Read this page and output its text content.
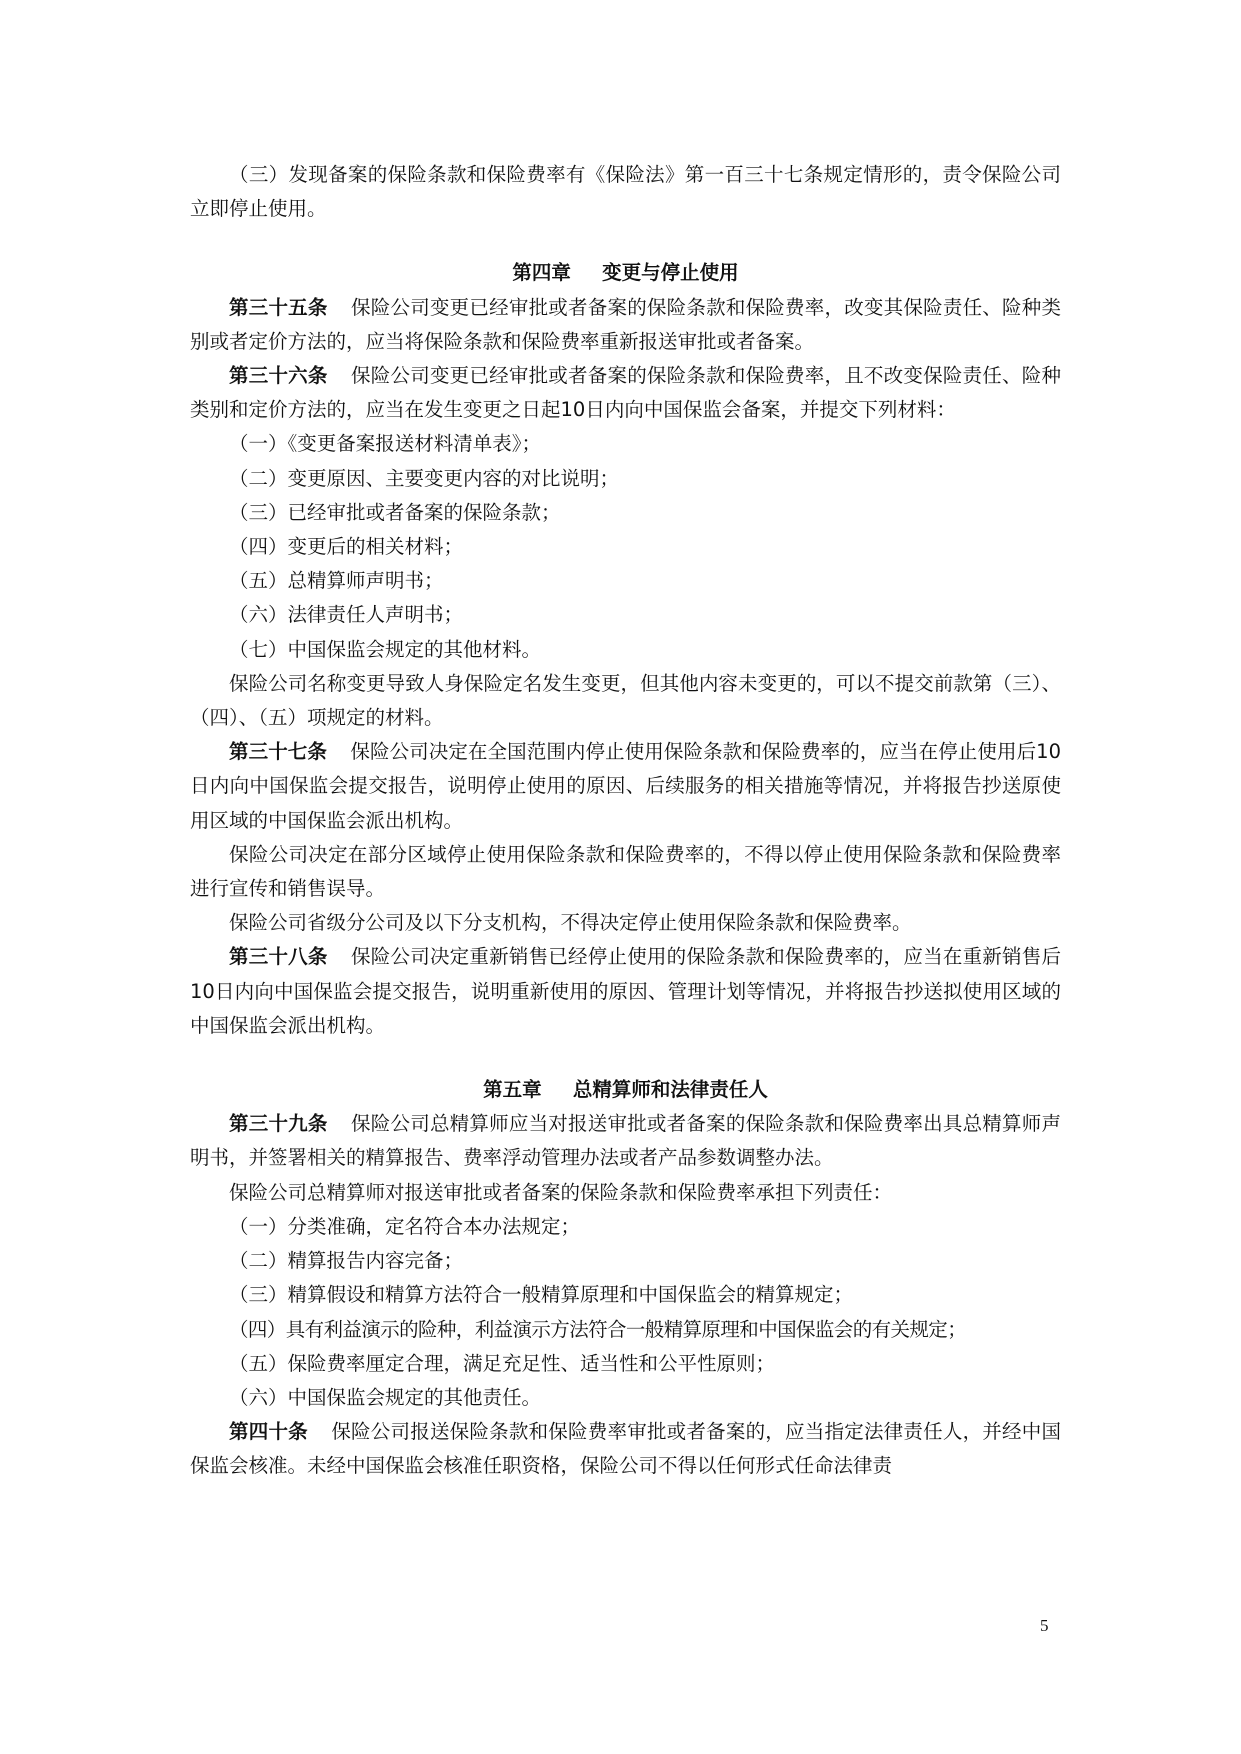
（三）发现备案的保险条款和保险费率有《保险法》第一百三十七条规定情形的，责令保险公司立即停止使用。

第四章 变更与停止使用

第三十五条 保险公司变更已经审批或者备案的保险条款和保险费率，改变其保险责任、险种类别或者定价方法的，应当将保险条款和保险费率重新报送审批或者备案。

第三十六条 保险公司变更已经审批或者备案的保险条款和保险费率，且不改变保险责任、险种类别和定价方法的，应当在发生变更之日起10日内向中国保监会备案，并提交下列材料：

（一）《变更备案报送材料清单表》；

（二）变更原因、主要变更内容的对比说明；

（三）已经审批或者备案的保险条款；

（四）变更后的相关材料；

（五）总精算师声明书；

（六）法律责任人声明书；

（七）中国保监会规定的其他材料。

保险公司名称变更导致人身保险定名发生变更，但其他内容未变更的，可以不提交前款第（三）、（四）、（五）项规定的材料。

第三十七条 保险公司决定在全国范围内停止使用保险条款和保险费率的，应当在停止使用后10日内向中国保监会提交报告，说明停止使用的原因、后续服务的相关措施等情况，并将报告抄送原使用区域的中国保监会派出机构。

保险公司决定在部分区域停止使用保险条款和保险费率的，不得以停止使用保险条款和保险费率进行宣传和销售误导。

保险公司省级分公司及以下分支机构，不得决定停止使用保险条款和保险费率。

第三十八条 保险公司决定重新销售已经停止使用的保险条款和保险费率的，应当在重新销售后10日内向中国保监会提交报告，说明重新使用的原因、管理计划等情况，并将报告抄送拟使用区域的中国保监会派出机构。

第五章 总精算师和法律责任人

第三十九条 保险公司总精算师应当对报送审批或者备案的保险条款和保险费率出具总精算师声明书，并签署相关的精算报告、费率浮动管理办法或者产品参数调整办法。

保险公司总精算师对报送审批或者备案的保险条款和保险费率承担下列责任：

（一）分类准确，定名符合本办法规定；

（二）精算报告内容完备；

（三）精算假设和精算方法符合一般精算原理和中国保监会的精算规定；

（四）具有利益演示的险种，利益演示方法符合一般精算原理和中国保监会的有关规定；

（五）保险费率厘定合理，满足充足性、适当性和公平性原则；

（六）中国保监会规定的其他责任。

第四十条 保险公司报送保险条款和保险费率审批或者备案的，应当指定法律责任人，并经中国保监会核准。未经中国保监会核准任职资格，保险公司不得以任何形式任命法律责

5
